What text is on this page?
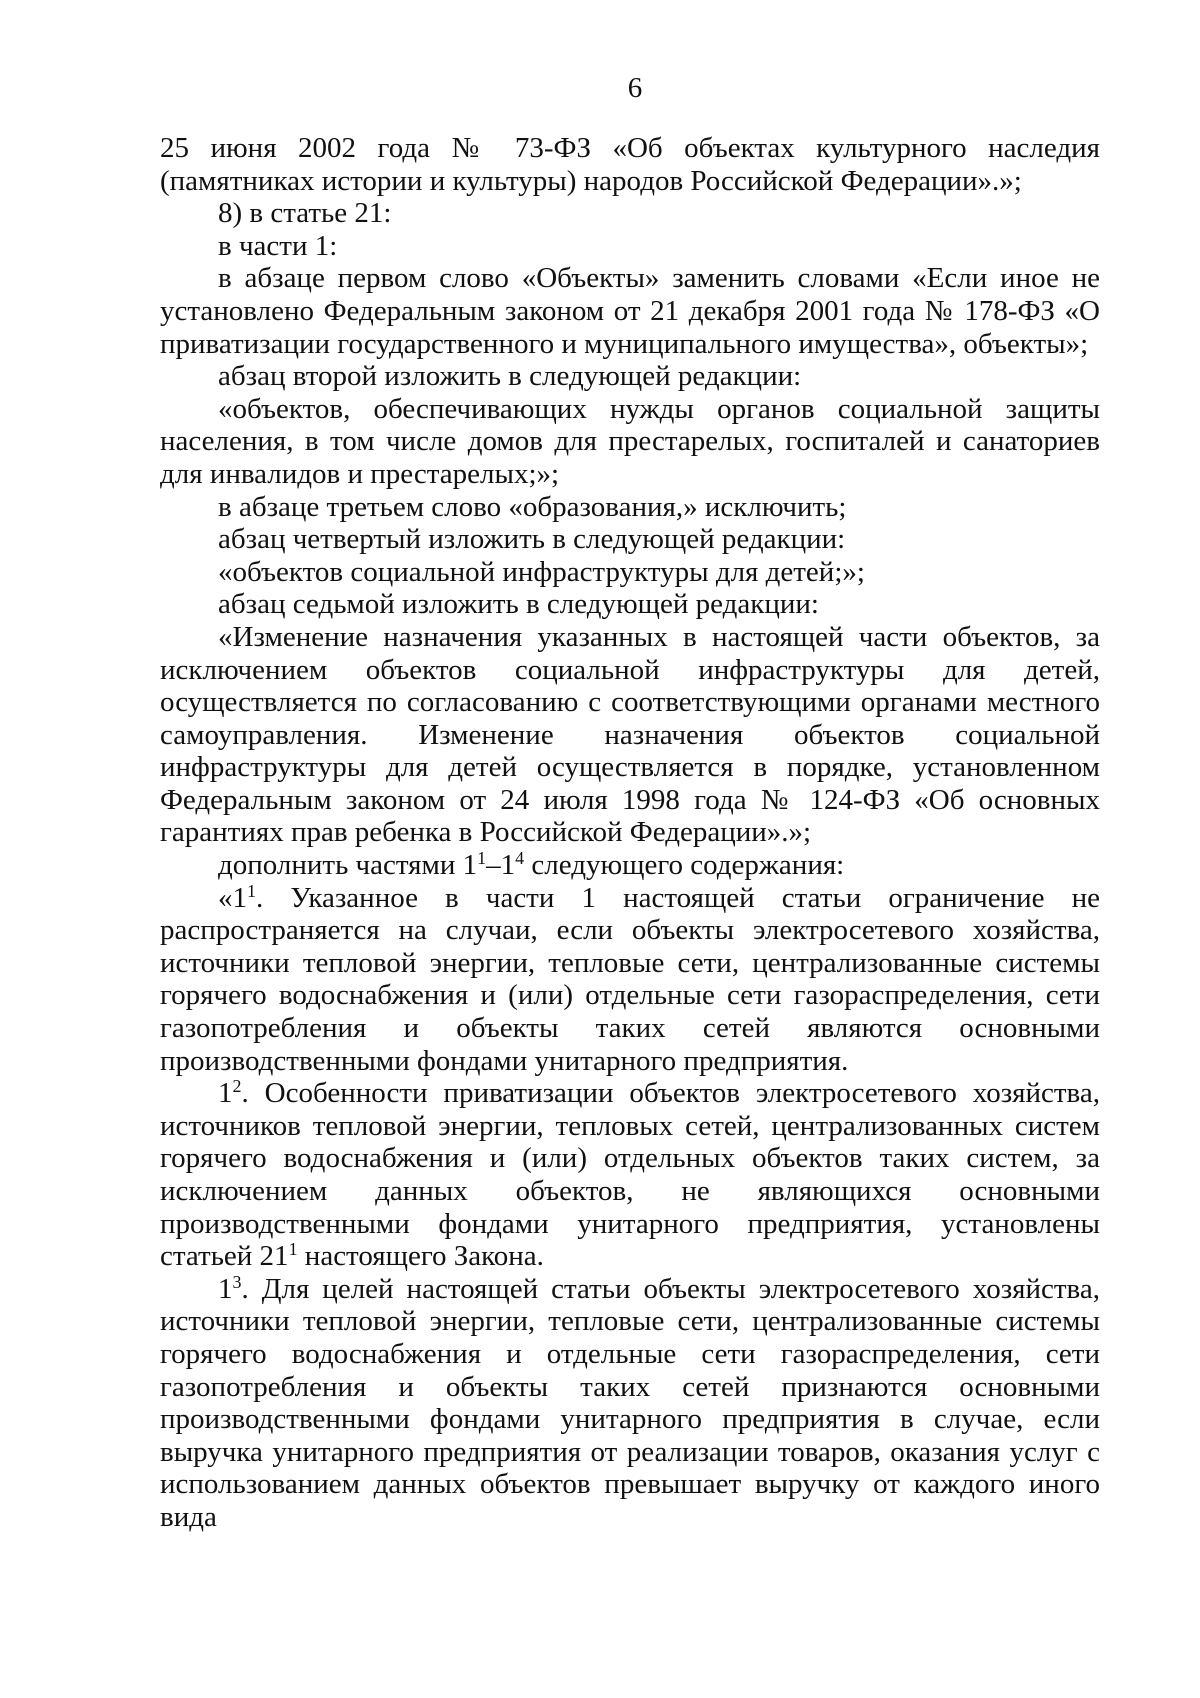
6

25 июня 2002 года № 73-ФЗ «Об объектах культурного наследия (памятниках истории и культуры) народов Российской Федерации».»;

8) в статье 21:

в части 1:

в абзаце первом слово «Объекты» заменить словами «Если иное не установлено Федеральным законом от 21 декабря 2001 года № 178-ФЗ «О приватизации государственного и муниципального имущества», объекты»;

абзац второй изложить в следующей редакции:

«объектов, обеспечивающих нужды органов социальной защиты населения, в том числе домов для престарелых, госпиталей и санаториев для инвалидов и престарелых;»;

в абзаце третьем слово «образования,» исключить;

абзац четвертый изложить в следующей редакции:

«объектов социальной инфраструктуры для детей;»;

абзац седьмой изложить в следующей редакции:

«Изменение назначения указанных в настоящей части объектов, за исключением объектов социальной инфраструктуры для детей, осуществляется по согласованию с соответствующими органами местного самоуправления. Изменение назначения объектов социальной инфраструктуры для детей осуществляется в порядке, установленном Федеральным законом от 24 июля 1998 года № 124-ФЗ «Об основных гарантиях прав ребенка в Российской Федерации».»;

дополнить частями $1^1-1^4$ следующего содержания:

«$1^1$. Указанное в части 1 настоящей статьи ограничение не распространяется на случаи, если объекты электросетевого хозяйства, источники тепловой энергии, тепловые сети, централизованные системы горячего водоснабжения и (или) отдельные сети газораспределения, сети газопотребления и объекты таких сетей являются основными производственными фондами унитарного предприятия.

$1^2$. Особенности приватизации объектов электросетевого хозяйства, источников тепловой энергии, тепловых сетей, централизованных систем горячего водоснабжения и (или) отдельных объектов таких систем, за исключением данных объектов, не являющихся основными производственными фондами унитарного предприятия, установлены статьей $21^1$ настоящего Закона.

$1^3$. Для целей настоящей статьи объекты электросетевого хозяйства, источники тепловой энергии, тепловые сети, централизованные системы горячего водоснабжения и отдельные сети газораспределения, сети газопотребления и объекты таких сетей признаются основными производственными фондами унитарного предприятия в случае, если выручка унитарного предприятия от реализации товаров, оказания услуг с использованием данных объектов превышает выручку от каждого иного вида
